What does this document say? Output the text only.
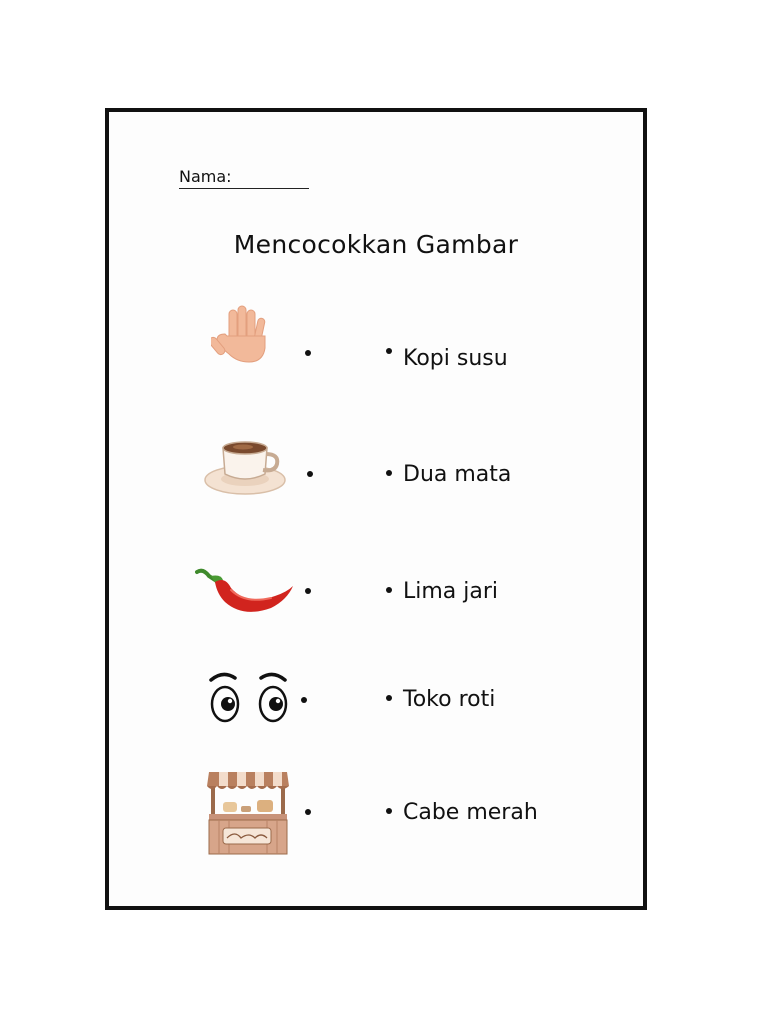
Nama:
Mencocokkan Gambar
Kopi susu
Dua mata
Lima jari
Toko roti
Cabe merah
